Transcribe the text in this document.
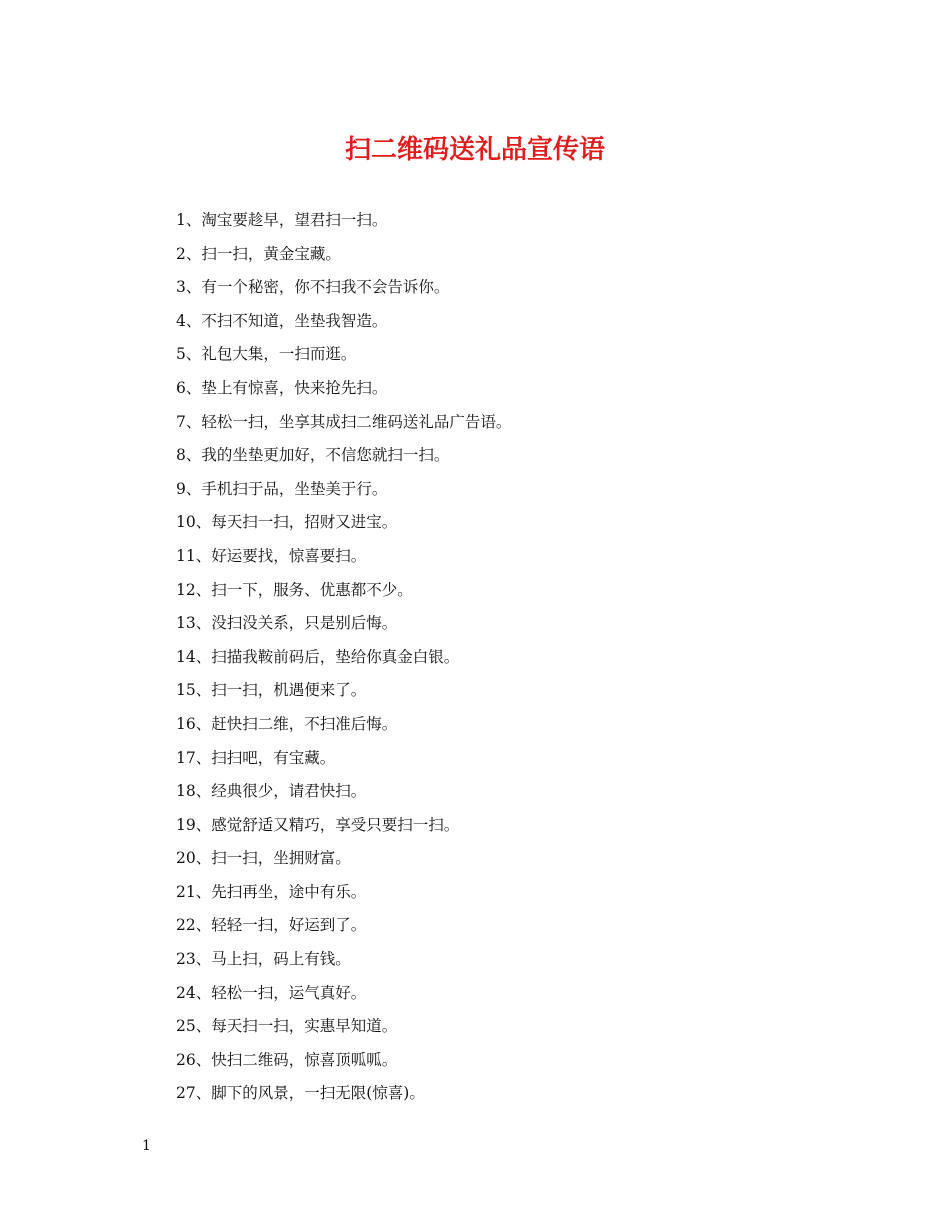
扫二维码送礼品宣传语
1、淘宝要趁早，望君扫一扫。
2、扫一扫，黄金宝藏。
3、有一个秘密，你不扫我不会告诉你。
4、不扫不知道，坐垫我智造。
5、礼包大集，一扫而逛。
6、垫上有惊喜，快来抢先扫。
7、轻松一扫，坐享其成扫二维码送礼品广告语。
8、我的坐垫更加好，不信您就扫一扫。
9、手机扫于品，坐垫美于行。
10、每天扫一扫，招财又进宝。
11、好运要找，惊喜要扫。
12、扫一下，服务、优惠都不少。
13、没扫没关系，只是别后悔。
14、扫描我鞍前码后，垫给你真金白银。
15、扫一扫，机遇便来了。
16、赶快扫二维，不扫准后悔。
17、扫扫吧，有宝藏。
18、经典很少，请君快扫。
19、感觉舒适又精巧，享受只要扫一扫。
20、扫一扫，坐拥财富。
21、先扫再坐，途中有乐。
22、轻轻一扫，好运到了。
23、马上扫，码上有钱。
24、轻松一扫，运气真好。
25、每天扫一扫，实惠早知道。
26、快扫二维码，惊喜顶呱呱。
27、脚下的风景，一扫无限(惊喜)。
1
